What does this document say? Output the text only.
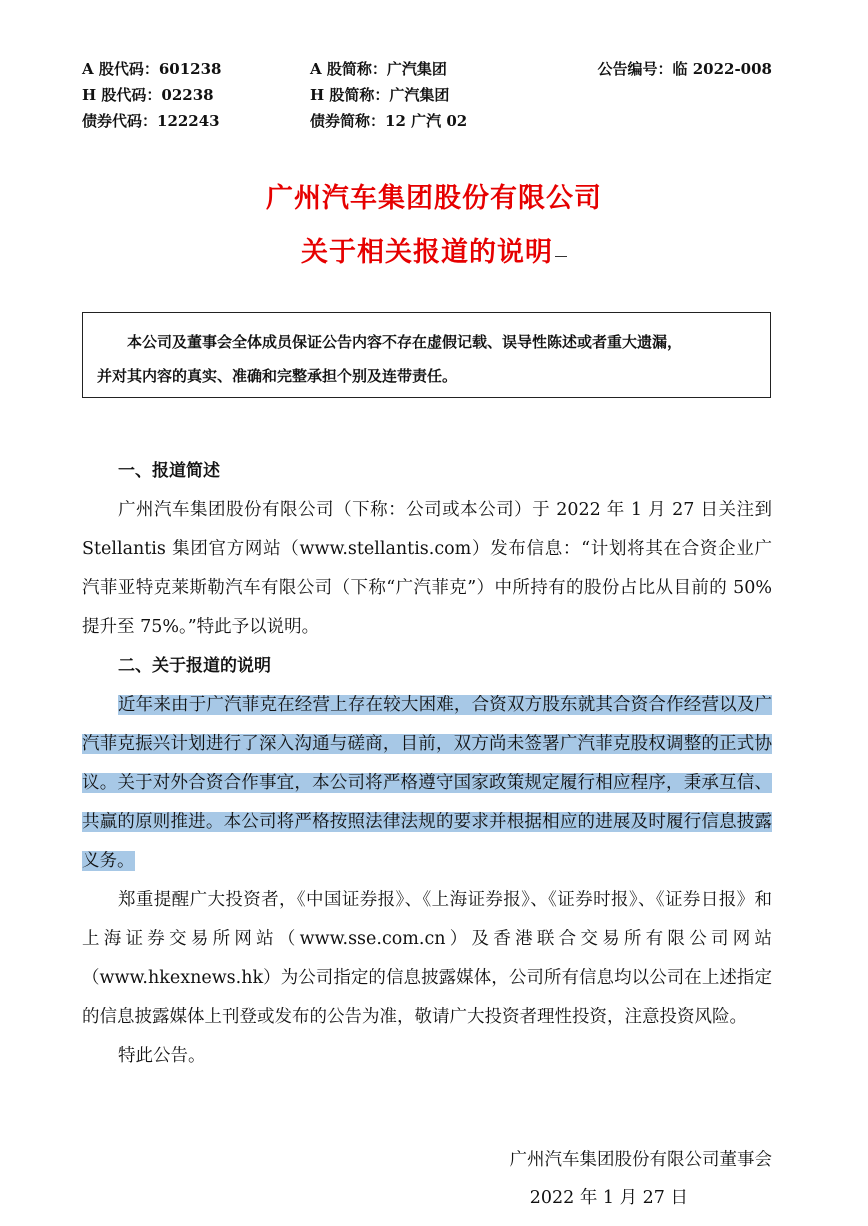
A 股代码：601238	A 股简称：广汽集团	公告编号：临 2022-008
H 股代码：02238	H 股简称：广汽集团
债券代码：122243	债券简称：12 广汽 02
广州汽车集团股份有限公司
关于相关报道的说明

本公司及董事会全体成员保证公告内容不存在虚假记载、误导性陈述或者重大遗漏，

并对其内容的真实、准确和完整承担个别及连带责任。

一、报道简述

广州汽车集团股份有限公司（下称：公司或本公司）于 2022 年 1 月 27 日关注到 Stellantis 集团官方网站（www.stellantis.com）发布信息：“计划将其在合资企业广汽菲亚特克莱斯勒汽车有限公司（下称“广汽菲克”）中所持有的股份占比从目前的 50%提升至 75%。”特此予以说明。

二、关于报道的说明

近年来由于广汽菲克在经营上存在较大困难，合资双方股东就其合资合作经营以及广汽菲克振兴计划进行了深入沟通与磋商，目前，双方尚未签署广汽菲克股权调整的正式协议。关于对外合资合作事宜，本公司将严格遵守国家政策规定履行相应程序，秉承互信、共赢的原则推进。本公司将严格按照法律法规的要求并根据相应的进展及时履行信息披露义务。

郑重提醒广大投资者，《中国证券报》、《上海证券报》、《证券时报》、《证券日报》和上海证券交易所网站（www.sse.com.cn）及香港联合交易所有限公司网站（www.hkexnews.hk）为公司指定的信息披露媒体，公司所有信息均以公司在上述指定的信息披露媒体上刊登或发布的公告为准，敬请广大投资者理性投资，注意投资风险。

特此公告。

广州汽车集团股份有限公司董事会
2022 年 1 月 27 日
